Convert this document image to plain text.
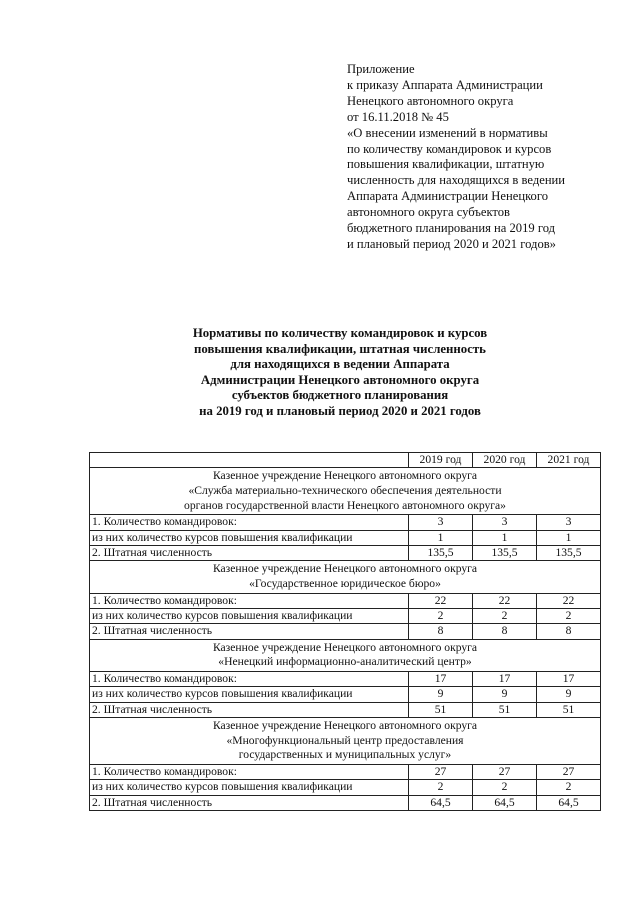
Приложение
к приказу Аппарата Администрации
Ненецкого автономного округа
от 16.11.2018 № 45
«О внесении изменений в нормативы
по количеству командировок и курсов
повышения квалификации, штатную
численность для находящихся в ведении
Аппарата Администрации Ненецкого
автономного округа субъектов
бюджетного планирования на 2019 год
и плановый период 2020 и 2021 годов»
Нормативы по количеству командировок и курсов
повышения квалификации, штатная численность
для находящихся в ведении Аппарата
Администрации Ненецкого автономного округа
субъектов бюджетного планирования
на 2019 год и плановый период 2020 и 2021 годов
	2019 год	2020 год	2021 год

Казенное учреждение Ненецкого автономного округа
«Служба материально-технического обеспечения деятельности
органов государственной власти Ненецкого автономного округа»			

1. Количество командировок:	3	3	3
из них количество курсов повышения квалификации	1	1	1
2. Штатная численность	135,5	135,5	135,5

Казенное учреждение Ненецкого автономного округа
«Государственное юридическое бюро»			

1. Количество командировок:	22	22	22
из них количество курсов повышения квалификации	2	2	2
2. Штатная численность	8	8	8

Казенное учреждение Ненецкого автономного округа
«Ненецкий информационно-аналитический центр»			

1. Количество командировок:	17	17	17
из них количество курсов повышения квалификации	9	9	9
2. Штатная численность	51	51	51

Казенное учреждение Ненецкого автономного округа
«Многофункциональный центр предоставления
государственных и муниципальных услуг»			

1. Количество командировок:	27	27	27
из них количество курсов повышения квалификации	2	2	2
2. Штатная численность	64,5	64,5	64,5
